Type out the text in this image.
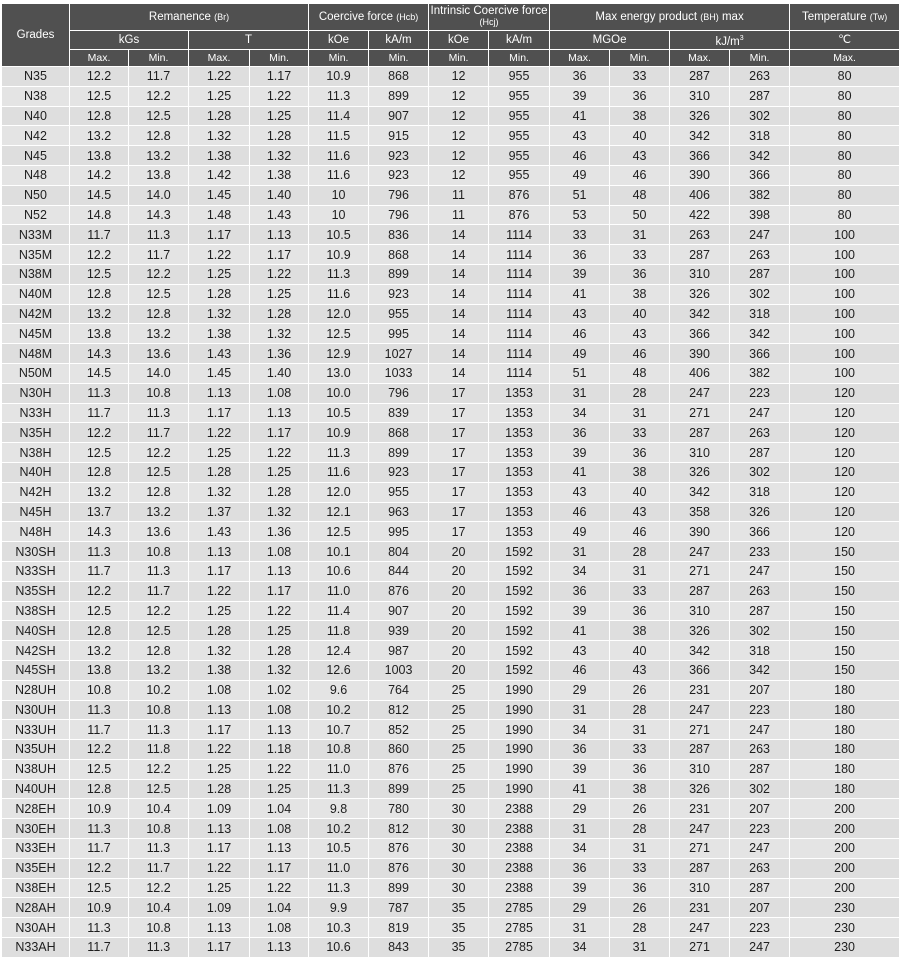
Grades	Remanence (Br)				Coercive force (Hcb)		Intrinsic Coercive force (Hcj)		Max energy product (BH) max				Temperature (Tw)
	kGs		T		kOe	kA/m	kOe	kA/m	MGOe		$kJ/m^3$		℃
	Max.	Min.	Max.	Min.	Min.	Min.	Min.	Min.	Max.	Min.	Max.	Min.	Max.
N35	12.2	11.7	1.22	1.17	10.9	868	12	955	36	33	287	263	80
N38	12.5	12.2	1.25	1.22	11.3	899	12	955	39	36	310	287	80
N40	12.8	12.5	1.28	1.25	11.4	907	12	955	41	38	326	302	80
N42	13.2	12.8	1.32	1.28	11.5	915	12	955	43	40	342	318	80
N45	13.8	13.2	1.38	1.32	11.6	923	12	955	46	43	366	342	80
N48	14.2	13.8	1.42	1.38	11.6	923	12	955	49	46	390	366	80
N50	14.5	14.0	1.45	1.40	10	796	11	876	51	48	406	382	80
N52	14.8	14.3	1.48	1.43	10	796	11	876	53	50	422	398	80
N33M	11.7	11.3	1.17	1.13	10.5	836	14	1114	33	31	263	247	100
N35M	12.2	11.7	1.22	1.17	10.9	868	14	1114	36	33	287	263	100
N38M	12.5	12.2	1.25	1.22	11.3	899	14	1114	39	36	310	287	100
N40M	12.8	12.5	1.28	1.25	11.6	923	14	1114	41	38	326	302	100
N42M	13.2	12.8	1.32	1.28	12.0	955	14	1114	43	40	342	318	100
N45M	13.8	13.2	1.38	1.32	12.5	995	14	1114	46	43	366	342	100
N48M	14.3	13.6	1.43	1.36	12.9	1027	14	1114	49	46	390	366	100
N50M	14.5	14.0	1.45	1.40	13.0	1033	14	1114	51	48	406	382	100
N30H	11.3	10.8	1.13	1.08	10.0	796	17	1353	31	28	247	223	120
N33H	11.7	11.3	1.17	1.13	10.5	839	17	1353	34	31	271	247	120
N35H	12.2	11.7	1.22	1.17	10.9	868	17	1353	36	33	287	263	120
N38H	12.5	12.2	1.25	1.22	11.3	899	17	1353	39	36	310	287	120
N40H	12.8	12.5	1.28	1.25	11.6	923	17	1353	41	38	326	302	120
N42H	13.2	12.8	1.32	1.28	12.0	955	17	1353	43	40	342	318	120
N45H	13.7	13.2	1.37	1.32	12.1	963	17	1353	46	43	358	326	120
N48H	14.3	13.6	1.43	1.36	12.5	995	17	1353	49	46	390	366	120
N30SH	11.3	10.8	1.13	1.08	10.1	804	20	1592	31	28	247	233	150
N33SH	11.7	11.3	1.17	1.13	10.6	844	20	1592	34	31	271	247	150
N35SH	12.2	11.7	1.22	1.17	11.0	876	20	1592	36	33	287	263	150
N38SH	12.5	12.2	1.25	1.22	11.4	907	20	1592	39	36	310	287	150
N40SH	12.8	12.5	1.28	1.25	11.8	939	20	1592	41	38	326	302	150
N42SH	13.2	12.8	1.32	1.28	12.4	987	20	1592	43	40	342	318	150
N45SH	13.8	13.2	1.38	1.32	12.6	1003	20	1592	46	43	366	342	150
N28UH	10.8	10.2	1.08	1.02	9.6	764	25	1990	29	26	231	207	180
N30UH	11.3	10.8	1.13	1.08	10.2	812	25	1990	31	28	247	223	180
N33UH	11.7	11.3	1.17	1.13	10.7	852	25	1990	34	31	271	247	180
N35UH	12.2	11.8	1.22	1.18	10.8	860	25	1990	36	33	287	263	180
N38UH	12.5	12.2	1.25	1.22	11.0	876	25	1990	39	36	310	287	180
N40UH	12.8	12.5	1.28	1.25	11.3	899	25	1990	41	38	326	302	180
N28EH	10.9	10.4	1.09	1.04	9.8	780	30	2388	29	26	231	207	200
N30EH	11.3	10.8	1.13	1.08	10.2	812	30	2388	31	28	247	223	200
N33EH	11.7	11.3	1.17	1.13	10.5	876	30	2388	34	31	271	247	200
N35EH	12.2	11.7	1.22	1.17	11.0	876	30	2388	36	33	287	263	200
N38EH	12.5	12.2	1.25	1.22	11.3	899	30	2388	39	36	310	287	200
N28AH	10.9	10.4	1.09	1.04	9.9	787	35	2785	29	26	231	207	230
N30AH	11.3	10.8	1.13	1.08	10.3	819	35	2785	31	28	247	223	230
N33AH	11.7	11.3	1.17	1.13	10.6	843	35	2785	34	31	271	247	230
